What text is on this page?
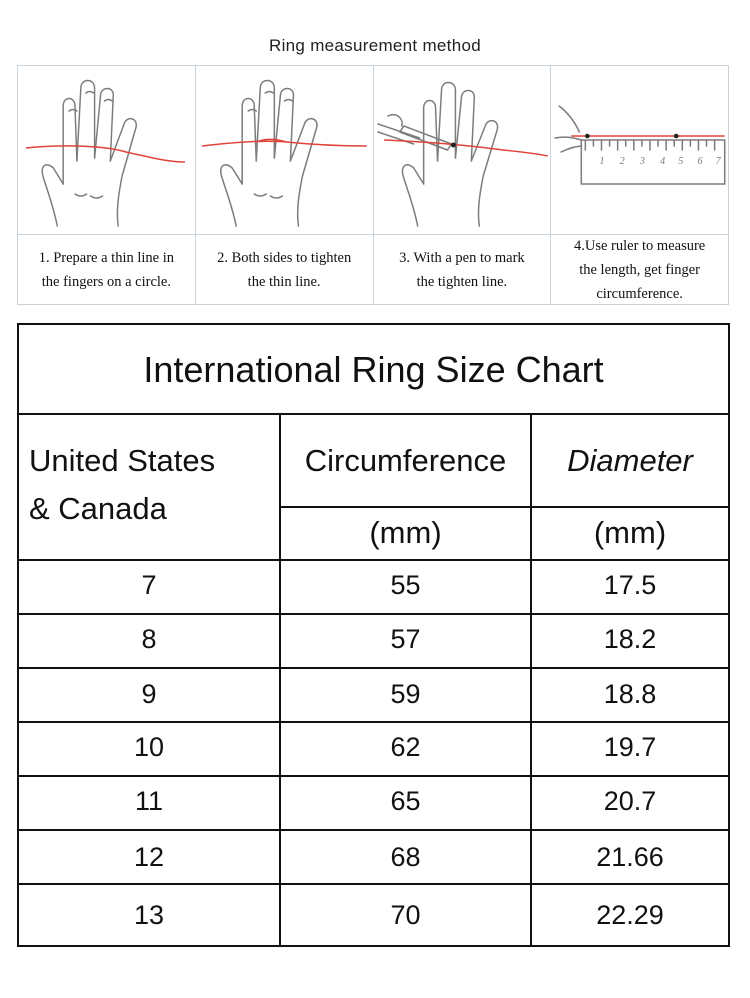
Ring measurement method
1. Prepare a thin line in
the fingers on a circle.
2. Both sides to tighten
the thin line.
3. With a pen to mark
the tighten line.
1 2 3 4 5 6 7
4.Use ruler to measure
the length, get finger
circumference.
International Ring Size Chart
United States
& Canada
Circumference
(mm)
Diameter
(mm)
7	55	17.5
8	57	18.2
9	59	18.8
10	62	19.7
11	65	20.7
12	68	21.66
13	70	22.29
